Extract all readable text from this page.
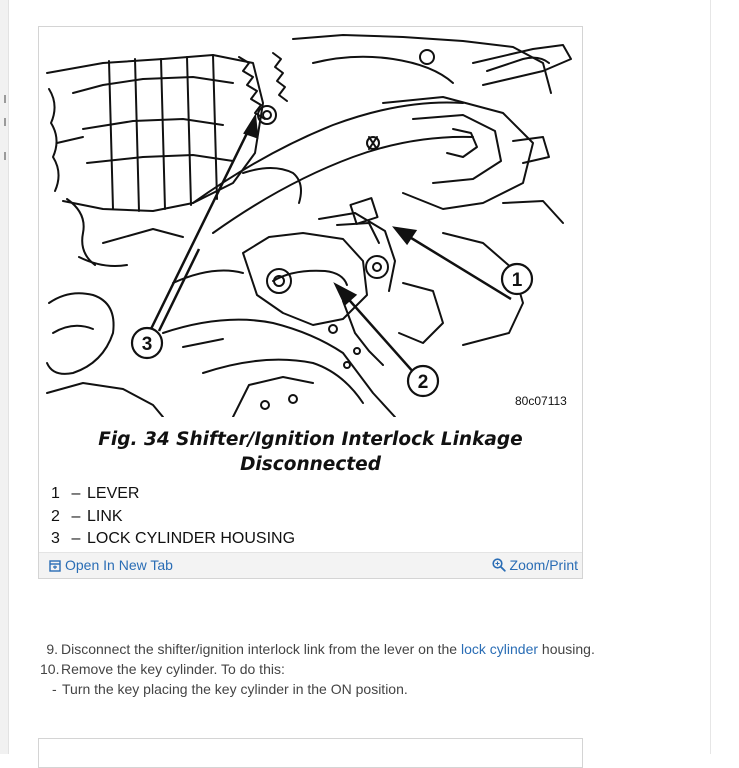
1
2
3
80c07113
Fig. 34 Shifter/Ignition Interlock Linkage
Disconnected
1 – LEVER
2 – LINK
3 – LOCK CYLINDER HOUSING
Open In New Tab	Zoom/Print
9. Disconnect the shifter/ignition interlock link from the lever on the lock cylinder housing.
10. Remove the key cylinder. To do this:
- Turn the key placing the key cylinder in the ON position.
